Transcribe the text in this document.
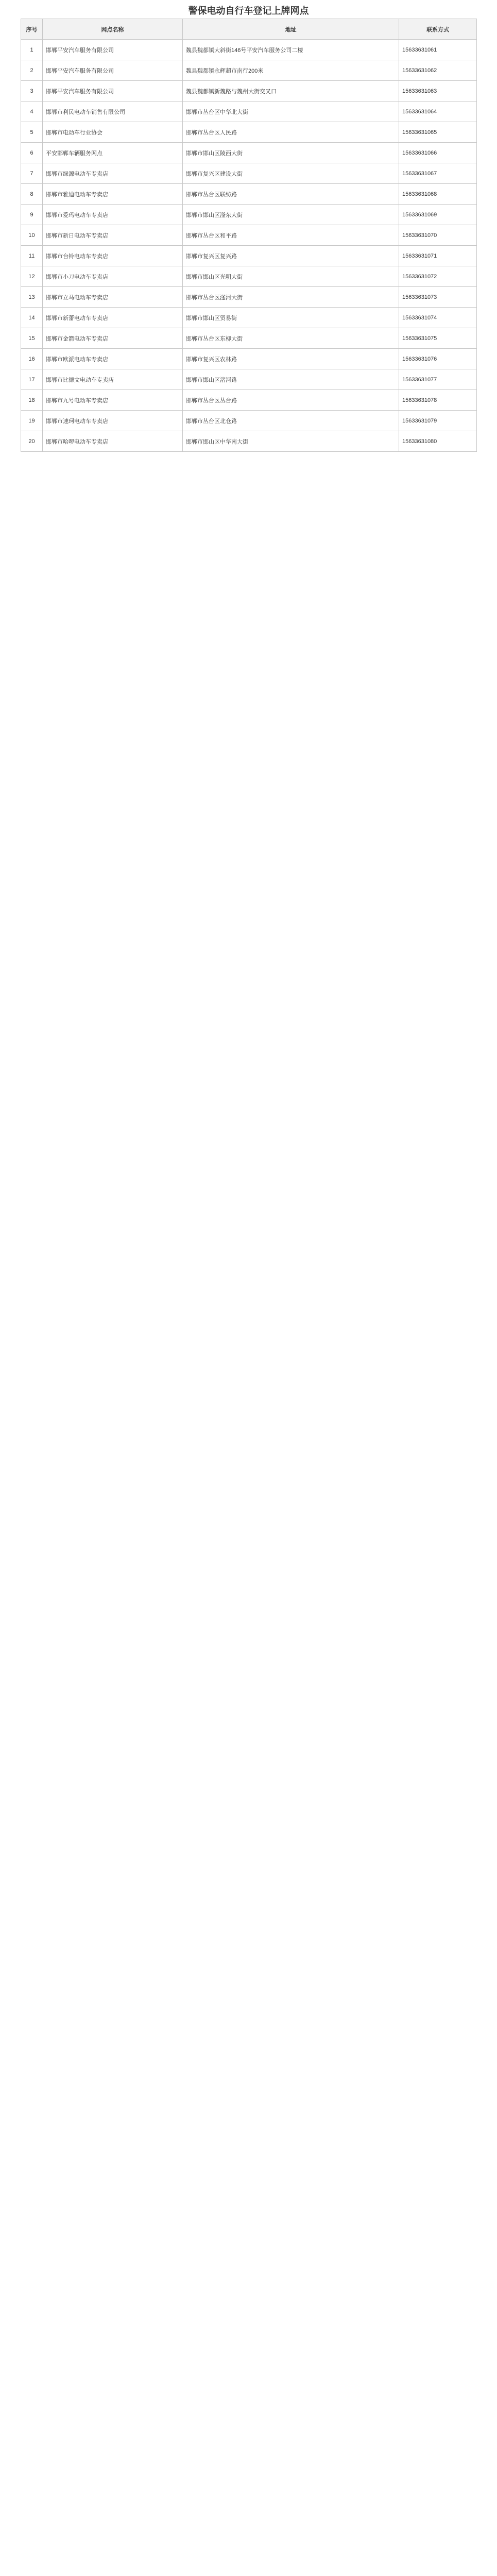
警保电动自行车登记上牌网点
序号	网点名称	地址	联系方式
1	邯郸平安汽车服务有限公司	魏县魏都镇大斜街146号平安汽车服务公司二楼	15633631061
2	邯郸平安汽车服务有限公司	魏县魏都镇永辉超市南行200米	15633631062
3	邯郸平安汽车服务有限公司	魏县魏都镇新魏路与魏州大街交叉口	15633631063
4	邯郸市利民电动车销售有限公司	邯郸市丛台区中华北大街	15633631064
5	邯郸市电动车行业协会	邯郸市丛台区人民路	15633631065
6	平安邯郸车辆服务网点	邯郸市邯山区陵西大街	15633631066
7	邯郸市绿源电动车专卖店	邯郸市复兴区建设大街	15633631067
8	邯郸市雅迪电动车专卖店	邯郸市丛台区联纺路	15633631068
9	邯郸市爱玛电动车专卖店	邯郸市邯山区滏东大街	15633631069
10	邯郸市新日电动车专卖店	邯郸市丛台区和平路	15633631070
11	邯郸市台铃电动车专卖店	邯郸市复兴区复兴路	15633631071
12	邯郸市小刀电动车专卖店	邯郸市邯山区光明大街	15633631072
13	邯郸市立马电动车专卖店	邯郸市丛台区滏河大街	15633631073
14	邯郸市新蕾电动车专卖店	邯郸市邯山区贸易街	15633631074
15	邯郸市金箭电动车专卖店	邯郸市丛台区东柳大街	15633631075
16	邯郸市欧派电动车专卖店	邯郸市复兴区农林路	15633631076
17	邯郸市比德文电动车专卖店	邯郸市邯山区渚河路	15633631077
18	邯郸市九号电动车专卖店	邯郸市丛台区丛台路	15633631078
19	邯郸市速珂电动车专卖店	邯郸市丛台区北仓路	15633631079
20	邯郸市哈啰电动车专卖店	邯郸市邯山区中华南大街	15633631080
